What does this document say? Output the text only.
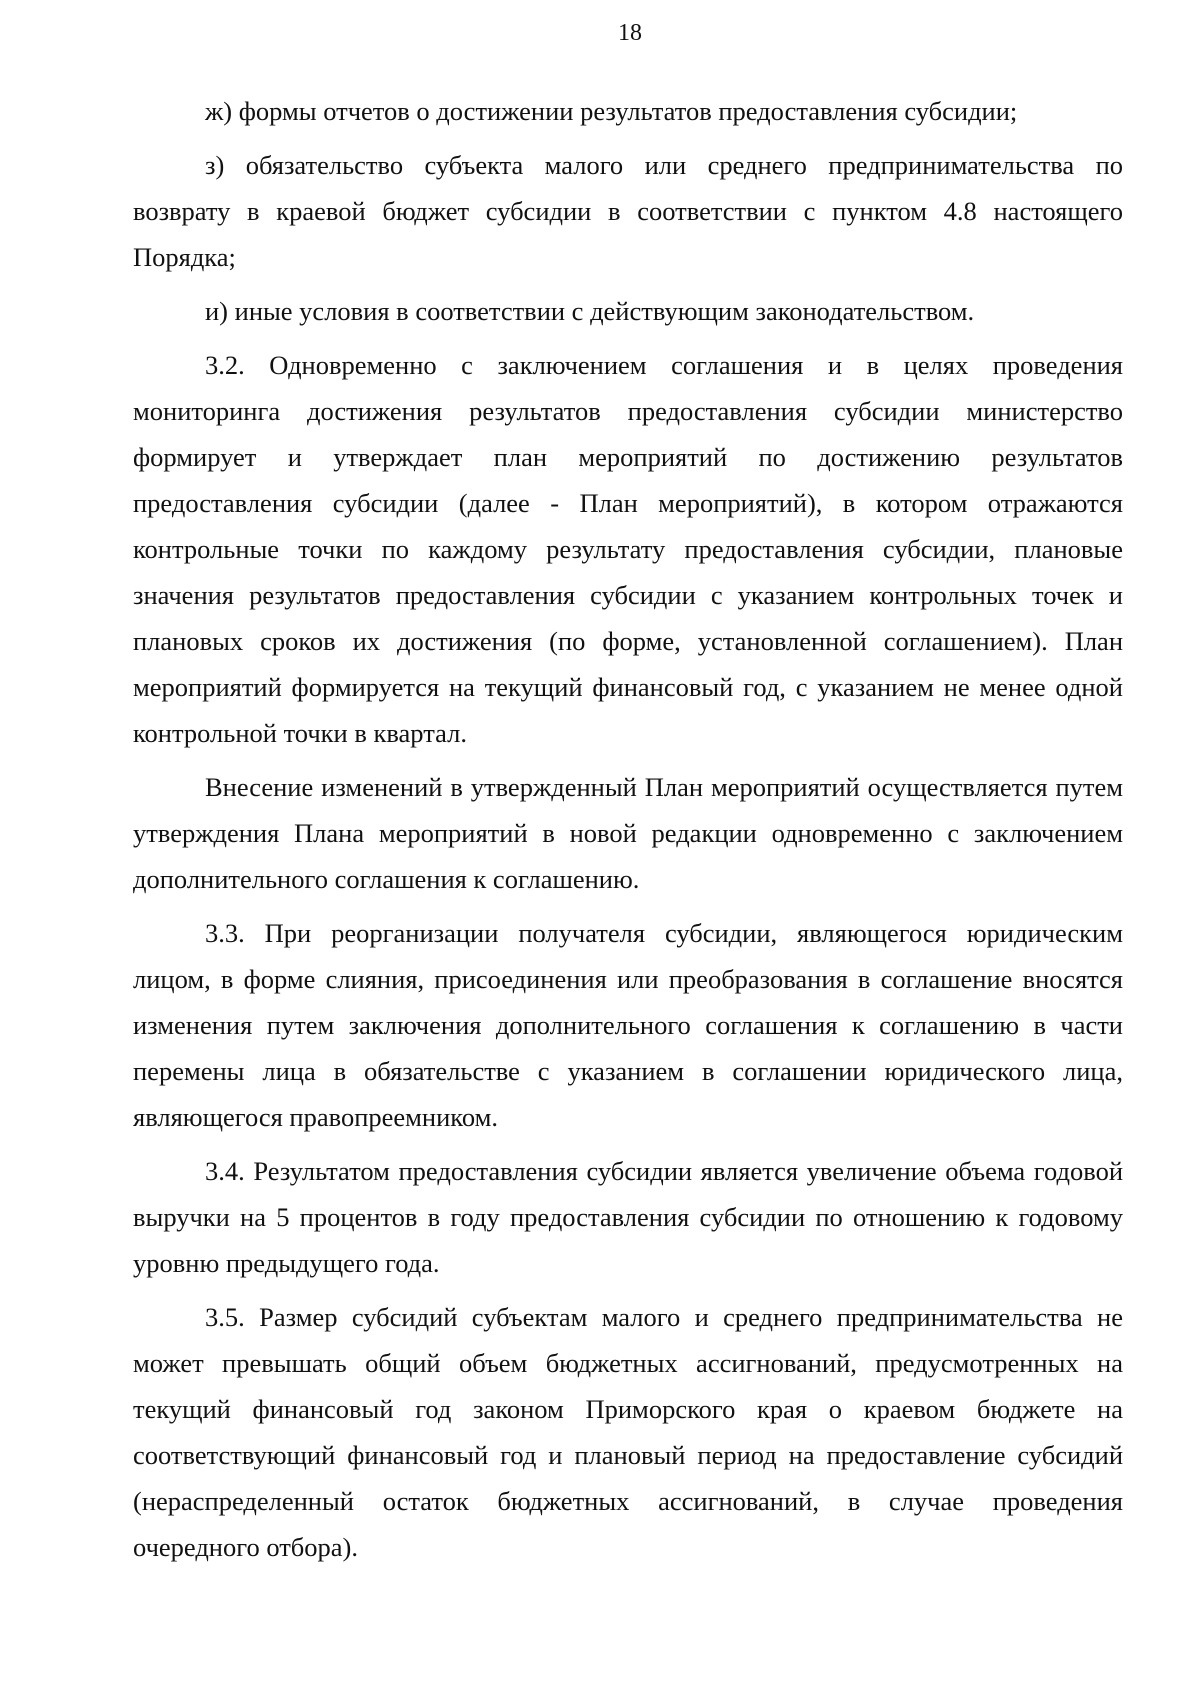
18

ж) формы отчетов о достижении результатов предоставления субсидии;

з) обязательство субъекта малого или среднего предпринимательства по возврату в краевой бюджет субсидии в соответствии с пунктом 4.8 настоящего Порядка;

и) иные условия в соответствии с действующим законодательством.

3.2. Одновременно с заключением соглашения и в целях проведения мониторинга достижения результатов предоставления субсидии министерство формирует и утверждает план мероприятий по достижению результатов предоставления субсидии (далее - План мероприятий), в котором отражаются контрольные точки по каждому результату предоставления субсидии, плановые значения результатов предоставления субсидии с указанием контрольных точек и плановых сроков их достижения (по форме, установленной соглашением). План мероприятий формируется на текущий финансовый год, с указанием не менее одной контрольной точки в квартал.

Внесение изменений в утвержденный План мероприятий осуществляется путем утверждения Плана мероприятий в новой редакции одновременно с заключением дополнительного соглашения к соглашению.

3.3. При реорганизации получателя субсидии, являющегося юридическим лицом, в форме слияния, присоединения или преобразования в соглашение вносятся изменения путем заключения дополнительного соглашения к соглашению в части перемены лица в обязательстве с указанием в соглашении юридического лица, являющегося правопреемником.

3.4. Результатом предоставления субсидии является увеличение объема годовой выручки на 5 процентов в году предоставления субсидии по отношению к годовому уровню предыдущего года.

3.5. Размер субсидий субъектам малого и среднего предпринимательства не может превышать общий объем бюджетных ассигнований, предусмотренных на текущий финансовый год законом Приморского края о краевом бюджете на соответствующий финансовый год и плановый период на предоставление субсидий (нераспределенный остаток бюджетных ассигнований, в случае проведения очередного отбора).
